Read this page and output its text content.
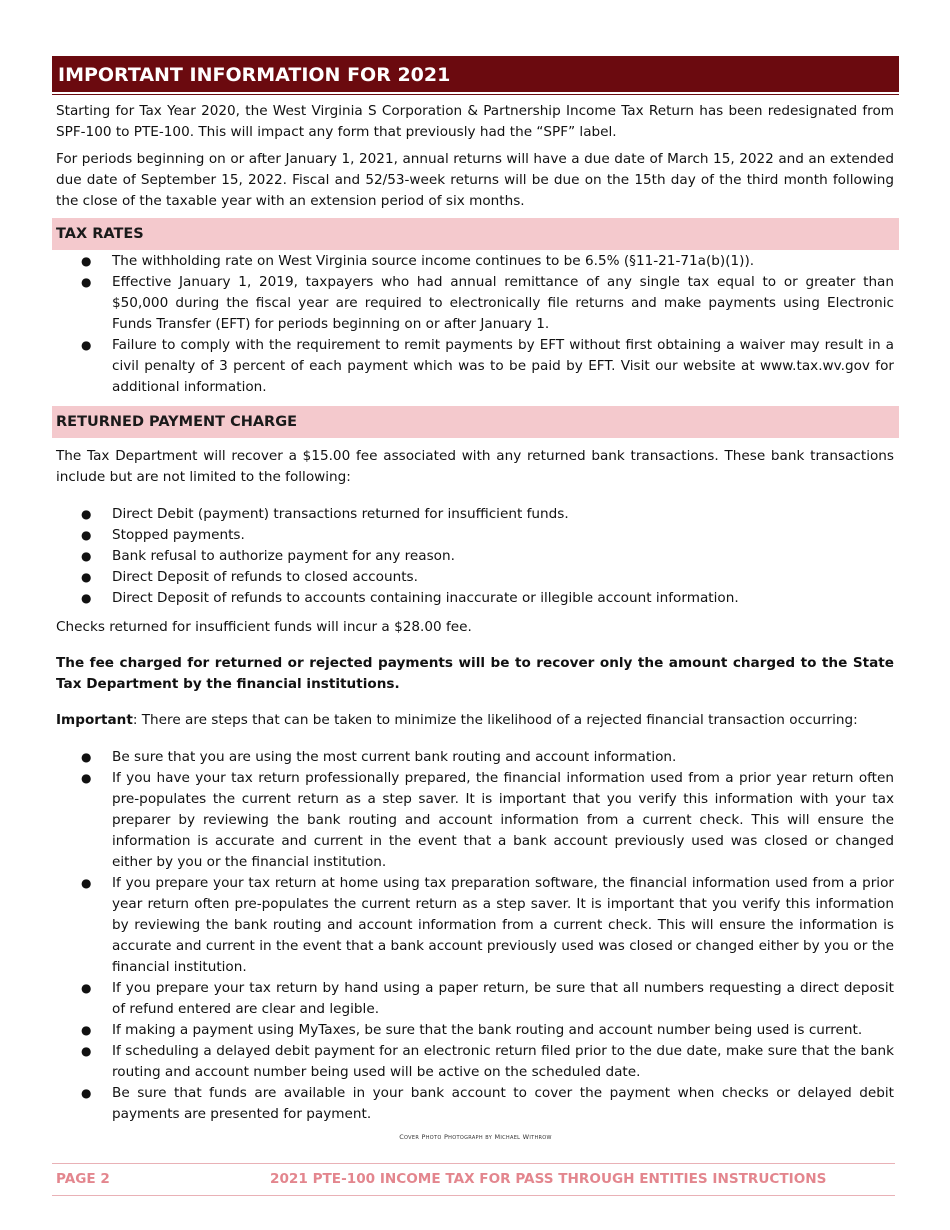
IMPORTANT INFORMATION FOR 2021

Starting for Tax Year 2020, the West Virginia S Corporation & Partnership Income Tax Return has been redesignated from SPF-100 to PTE-100. This will impact any form that previously had the “SPF” label.

For periods beginning on or after January 1, 2021, annual returns will have a due date of March 15, 2022 and an extended due date of September 15, 2022. Fiscal and 52/53-week returns will be due on the 15th day of the third month following the close of the taxable year with an extension period of six months.

TAX RATES
● The withholding rate on West Virginia source income continues to be 6.5% (§11-21-71a(b)(1)).
● Effective January 1, 2019, taxpayers who had annual remittance of any single tax equal to or greater than $50,000 during the fiscal year are required to electronically file returns and make payments using Electronic Funds Transfer (EFT) for periods beginning on or after January 1.
● Failure to comply with the requirement to remit payments by EFT without first obtaining a waiver may result in a civil penalty of 3 percent of each payment which was to be paid by EFT. Visit our website at www.tax.wv.gov for additional information.
RETURNED PAYMENT CHARGE

The Tax Department will recover a $15.00 fee associated with any returned bank transactions. These bank transactions include but are not limited to the following:

● Direct Debit (payment) transactions returned for insufficient funds.
● Stopped payments.
● Bank refusal to authorize payment for any reason.
● Direct Deposit of refunds to closed accounts.
● Direct Deposit of refunds to accounts containing inaccurate or illegible account information.

Checks returned for insufficient funds will incur a $28.00 fee.

The fee charged for returned or rejected payments will be to recover only the amount charged to the State Tax Department by the financial institutions.

Important: There are steps that can be taken to minimize the likelihood of a rejected financial transaction occurring:

● Be sure that you are using the most current bank routing and account information.
● If you have your tax return professionally prepared, the financial information used from a prior year return often pre-populates the current return as a step saver. It is important that you verify this information with your tax preparer by reviewing the bank routing and account information from a current check. This will ensure the information is accurate and current in the event that a bank account previously used was closed or changed either by you or the financial institution.
● If you prepare your tax return at home using tax preparation software, the financial information used from a prior year return often pre-populates the current return as a step saver. It is important that you verify this information by reviewing the bank routing and account information from a current check. This will ensure the information is accurate and current in the event that a bank account previously used was closed or changed either by you or the financial institution.
● If you prepare your tax return by hand using a paper return, be sure that all numbers requesting a direct deposit of refund entered are clear and legible.
● If making a payment using MyTaxes, be sure that the bank routing and account number being used is current.
● If scheduling a delayed debit payment for an electronic return filed prior to the due date, make sure that the bank routing and account number being used will be active on the scheduled date.
● Be sure that funds are available in your bank account to cover the payment when checks or delayed debit payments are presented for payment.
Cover Photo Photograph by Michael Withrow
PAGE 2	2021 PTE-100 INCOME TAX FOR PASS THROUGH ENTITIES INSTRUCTIONS
